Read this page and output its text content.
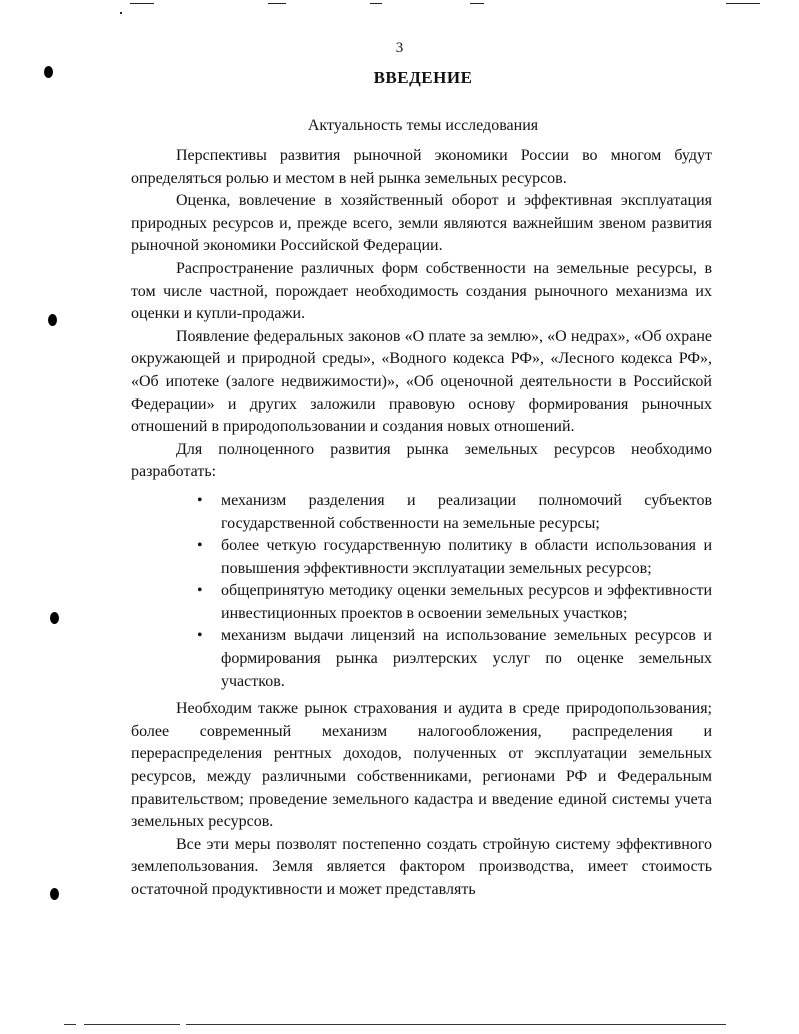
3
ВВЕДЕНИЕ
Актуальность темы исследования

Перспективы развития рыночной экономики России во многом будут определяться ролью и местом в ней рынка земельных ресурсов.

Оценка, вовлечение в хозяйственный оборот и эффективная эксплуатация природных ресурсов и, прежде всего, земли являются важнейшим звеном развития рыночной экономики Российской Федерации.

Распространение различных форм собственности на земельные ресурсы, в том числе частной, порождает необходимость создания рыночного механизма их оценки и купли-продажи.

Появление федеральных законов «О плате за землю», «О недрах», «Об охране окружающей и природной среды», «Водного кодекса РФ», «Лесного кодекса РФ», «Об ипотеке (залоге недвижимости)», «Об оценочной деятельности в Российской Федерации» и других заложили правовую основу формирования рыночных отношений в природопользовании и создания новых отношений.

Для полноценного развития рынка земельных ресурсов необходимо разработать:

• механизм разделения и реализации полномочий субъектов государственной собственности на земельные ресурсы;
• более четкую государственную политику в области использования и повышения эффективности эксплуатации земельных ресурсов;
• общепринятую методику оценки земельных ресурсов и эффективности инвестиционных проектов в освоении земельных участков;
• механизм выдачи лицензий на использование земельных ресурсов и формирования рынка риэлтерских услуг по оценке земельных участков.

Необходим также рынок страхования и аудита в среде природопользования; более современный механизм налогообложения, распределения и перераспределения рентных доходов, полученных от эксплуатации земельных ресурсов, между различными собственниками, регионами РФ и Федеральным правительством; проведение земельного кадастра и введение единой системы учета земельных ресурсов.

Все эти меры позволят постепенно создать стройную систему эффективного землепользования. Земля является фактором производства, имеет стоимость остаточной продуктивности и может представлять
